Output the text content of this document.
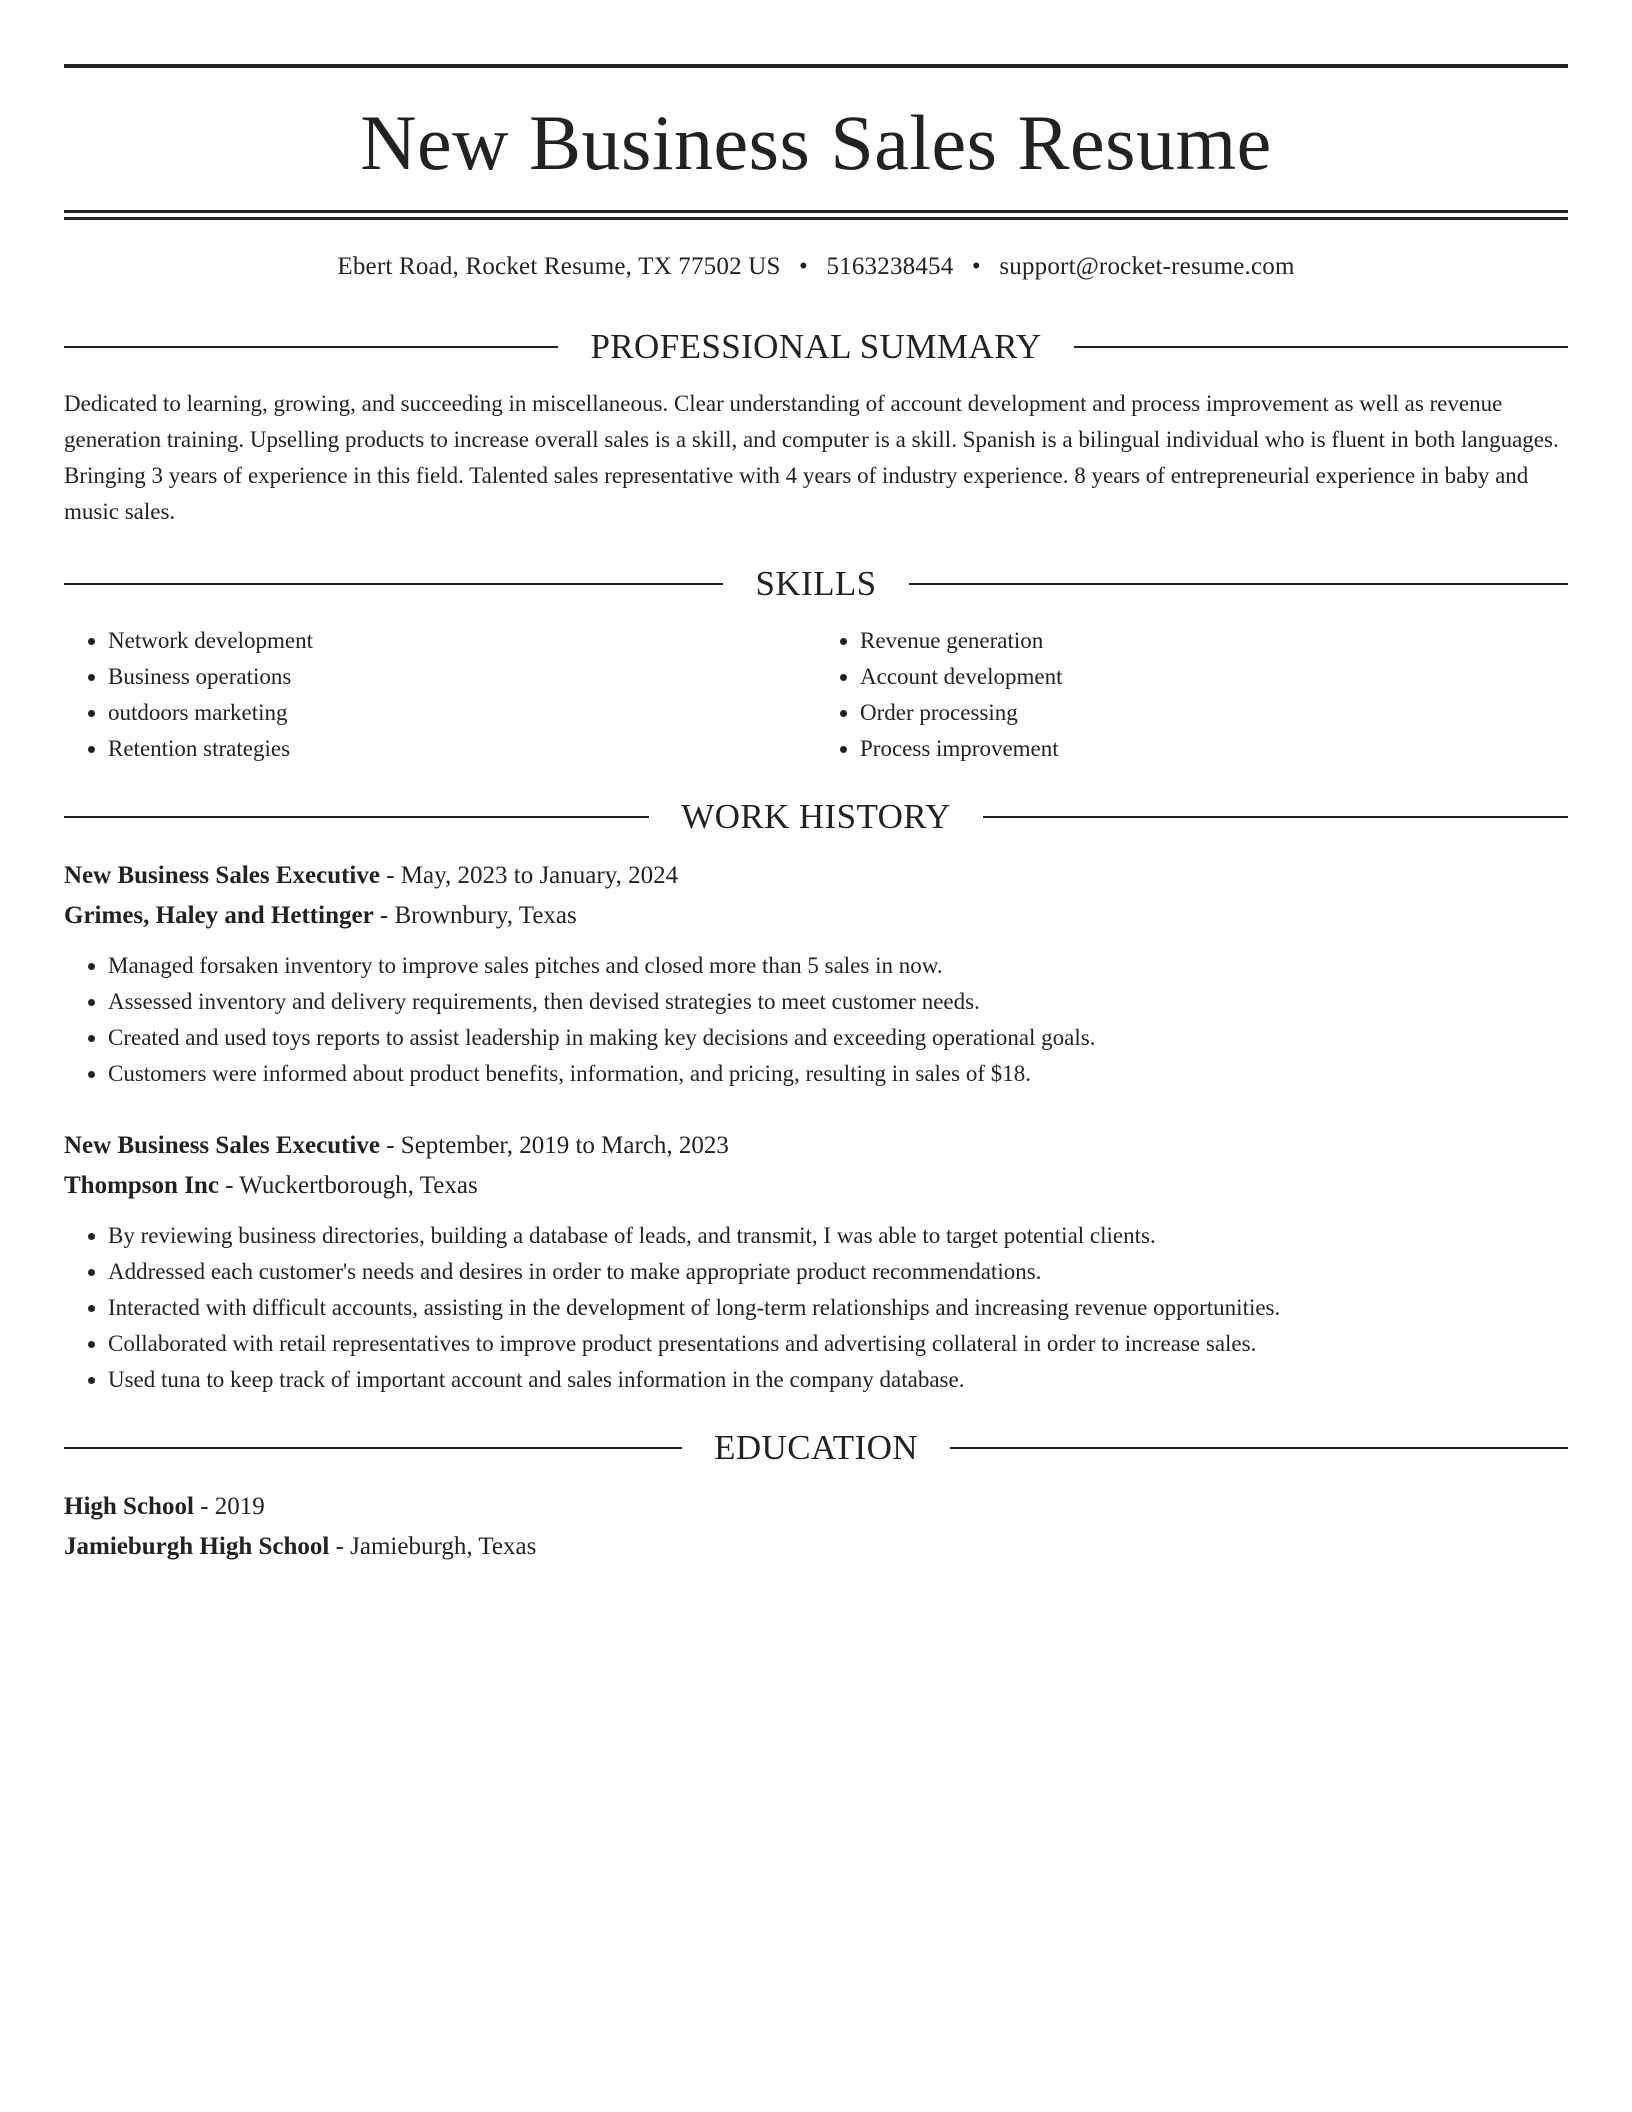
New Business Sales Resume
Ebert Road, Rocket Resume, TX 77502 US • 5163238454 • support@rocket-resume.com
PROFESSIONAL SUMMARY

Dedicated to learning, growing, and succeeding in miscellaneous. Clear understanding of account development and process improvement as well as revenue generation training. Upselling products to increase overall sales is a skill, and computer is a skill. Spanish is a bilingual individual who is fluent in both languages. Bringing 3 years of experience in this field. Talented sales representative with 4 years of industry experience. 8 years of entrepreneurial experience in baby and music sales.

SKILLS
• Network development
• Business operations
• outdoors marketing
• Retention strategies
• Revenue generation
• Account development
• Order processing
• Process improvement
WORK HISTORY
New Business Sales Executive - May, 2023 to January, 2024
Grimes, Haley and Hettinger - Brownbury, Texas
• Managed forsaken inventory to improve sales pitches and closed more than 5 sales in now.
• Assessed inventory and delivery requirements, then devised strategies to meet customer needs.
• Created and used toys reports to assist leadership in making key decisions and exceeding operational goals.
• Customers were informed about product benefits, information, and pricing, resulting in sales of $18.
New Business Sales Executive - September, 2019 to March, 2023
Thompson Inc - Wuckertborough, Texas
• By reviewing business directories, building a database of leads, and transmit, I was able to target potential clients.
• Addressed each customer's needs and desires in order to make appropriate product recommendations.
• Interacted with difficult accounts, assisting in the development of long-term relationships and increasing revenue opportunities.
• Collaborated with retail representatives to improve product presentations and advertising collateral in order to increase sales.
• Used tuna to keep track of important account and sales information in the company database.
EDUCATION
High School - 2019
Jamieburgh High School - Jamieburgh, Texas
